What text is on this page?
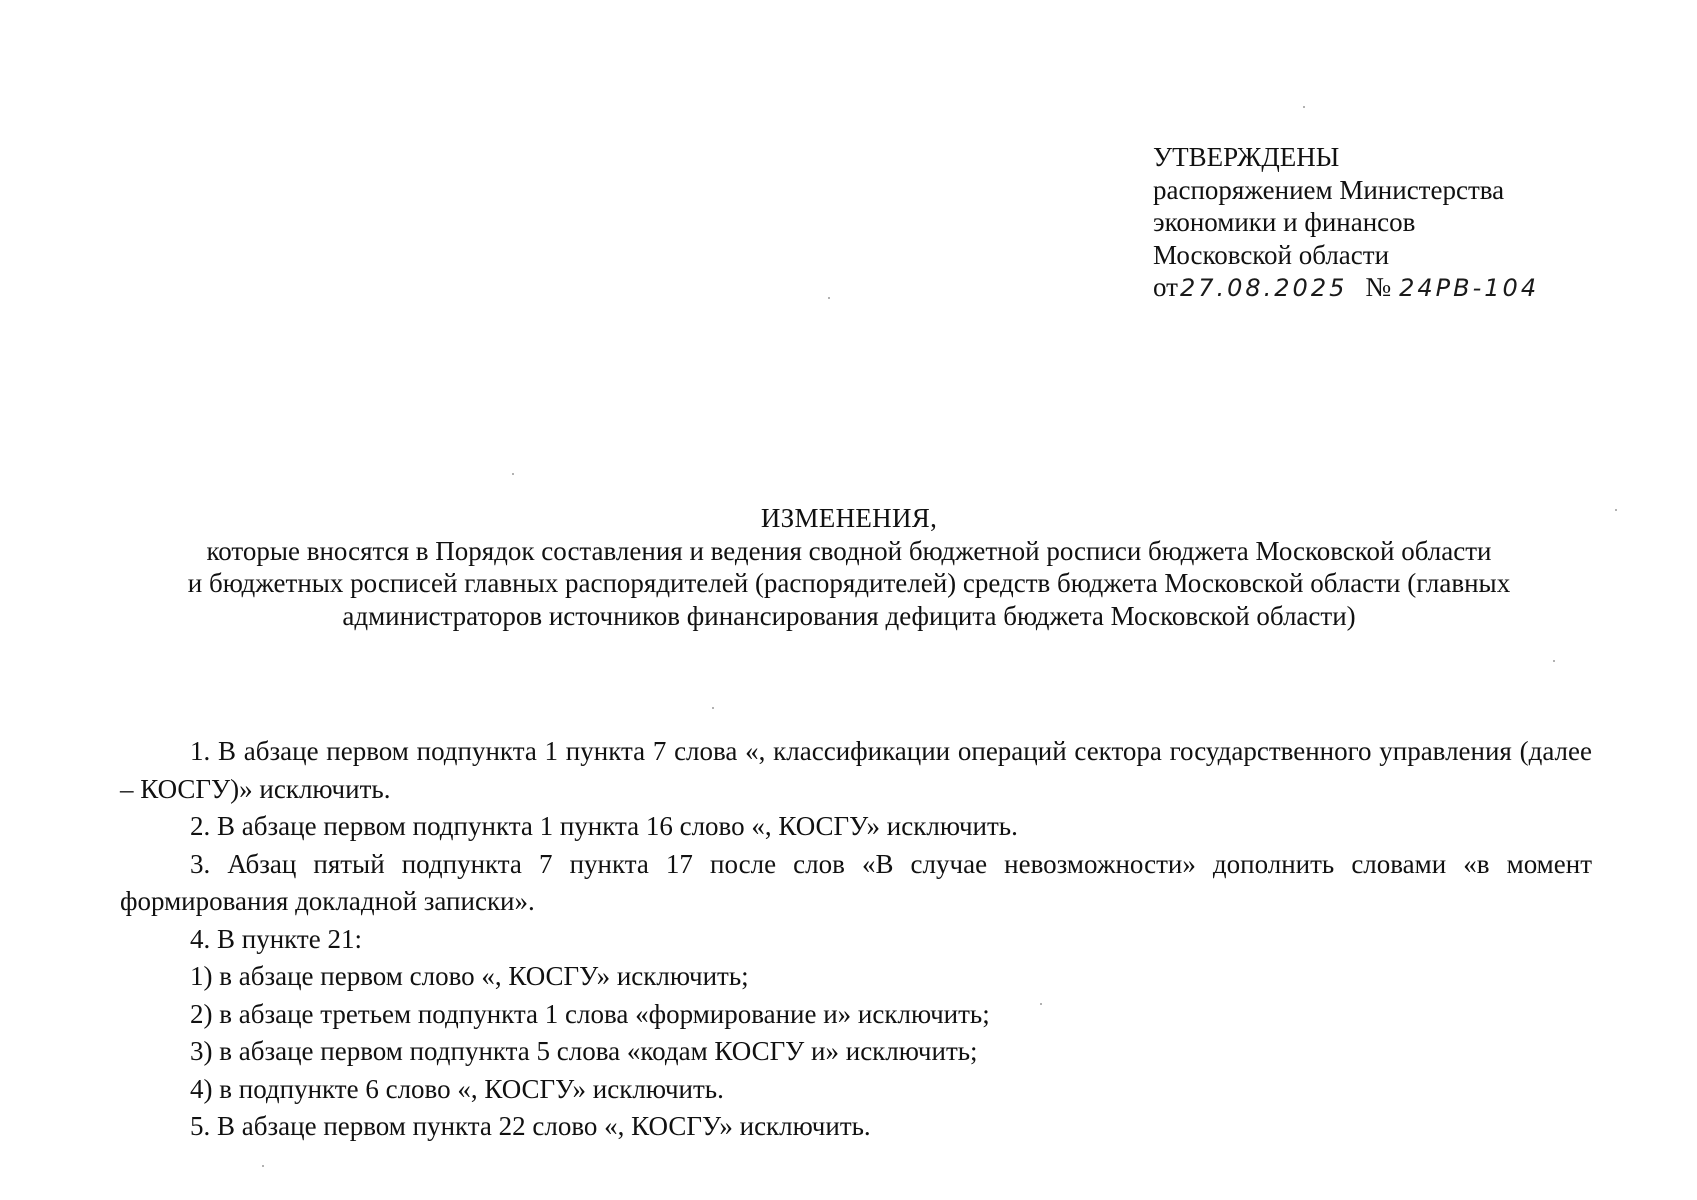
УТВЕРЖДЕНЫ
распоряжением Министерства
экономики и финансов
Московской области
от27.08.2025 № 24РВ-104
ИЗМЕНЕНИЯ,
которые вносятся в Порядок составления и ведения сводной бюджетной росписи бюджета Московской области
и бюджетных росписей главных распорядителей (распорядителей) средств бюджета Московской области (главных
администраторов источников финансирования дефицита бюджета Московской области)

1. В абзаце первом подпункта 1 пункта 7 слова «, классификации операций сектора государственного управления (далее – КОСГУ)» исключить.

2. В абзаце первом подпункта 1 пункта 16 слово «, КОСГУ» исключить.

3. Абзац пятый подпункта 7 пункта 17 после слов «В случае невозможности» дополнить словами «в момент формирования докладной записки».

4. В пункте 21:

1) в абзаце первом слово «, КОСГУ» исключить;

2) в абзаце третьем подпункта 1 слова «формирование и» исключить;

3) в абзаце первом подпункта 5 слова «кодам КОСГУ и» исключить;

4) в подпункте 6 слово «, КОСГУ» исключить.

5. В абзаце первом пункта 22 слово «, КОСГУ» исключить.
